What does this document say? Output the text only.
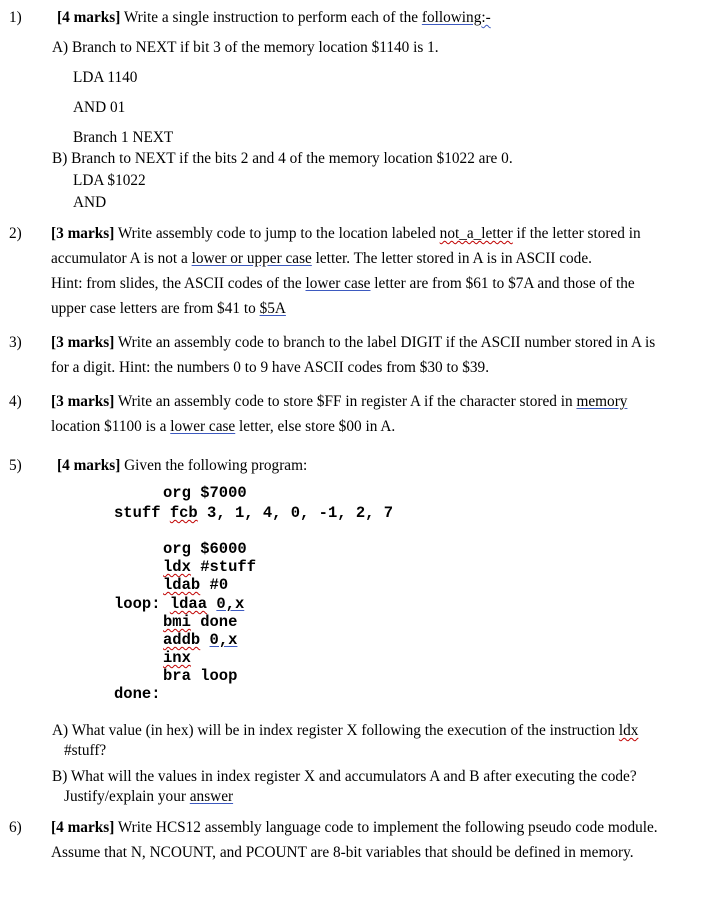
1) [4 marks] Write a single instruction to perform each of the following:-
A) Branch to NEXT if bit 3 of the memory location $1140 is 1.
LDA 1140
AND 01
Branch 1 NEXT
B) Branch to NEXT if the bits 2 and 4 of the memory location $1022 are 0.
LDA $1022
AND
2) [3 marks] Write assembly code to jump to the location labeled not_a_letter if the letter stored in
accumulator A is not a lower or upper case letter. The letter stored in A is in ASCII code.
Hint: from slides, the ASCII codes of the lower case letter are from $61 to $7A and those of the
upper case letters are from $41 to $5A
3) [3 marks] Write an assembly code to branch to the label DIGIT if the ASCII number stored in A is
for a digit. Hint: the numbers 0 to 9 have ASCII codes from $30 to $39.
4) [3 marks] Write an assembly code to store $FF in register A if the character stored in memory
location $1100 is a lower case letter, else store $00 in A.
5) [4 marks] Given the following program:
org $7000
stuff fcb 3, 1, 4, 0, -1, 2, 7
org $6000
ldx #stuff
ldab #0
loop: ldaa 0,x
bmi done
addb 0,x
inx
bra loop
done:
A) What value (in hex) will be in index register X following the execution of the instruction ldx
#stuff?
B) What will the values in index register X and accumulators A and B after executing the code?
Justify/explain your answer
6) [4 marks] Write HCS12 assembly language code to implement the following pseudo code module.
Assume that N, NCOUNT, and PCOUNT are 8-bit variables that should be defined in memory.
